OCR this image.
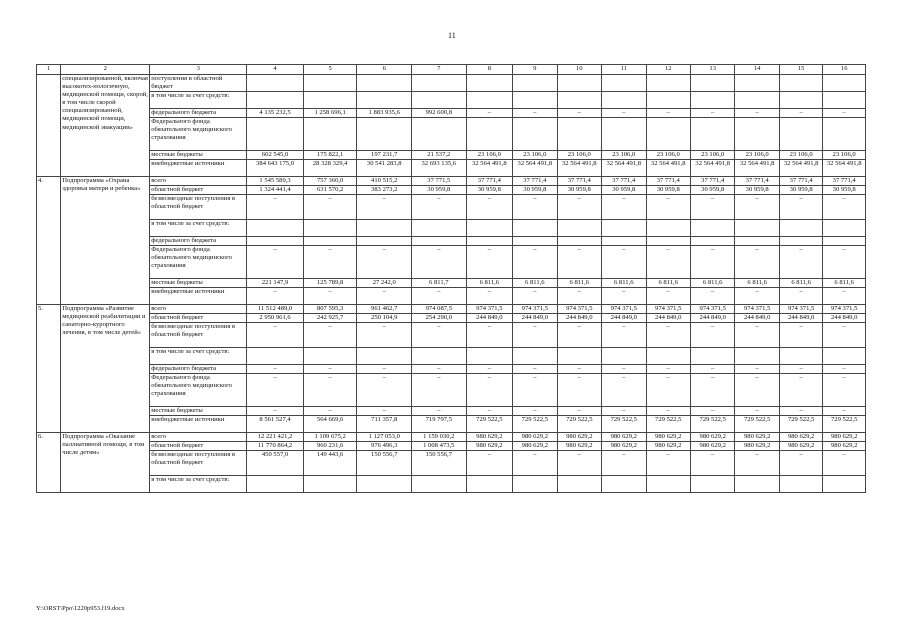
11
1	2	3	4	5	6	7	8	9	10	11	12	13	14	15	16
	специализированной, включая высокотех-нологичную, медицинской помощи, скорой, в том числе скорой специализированной, медицинской помощи, медицинской эвакуации»	поступления в областной бюджет													
		в том числе за счет средств:													
		федерального бюджета	4 135 232,5	1 258 696,1	1 883 935,6	992 600,8	–	–	–	–	–	–	–	–	–
		Федерального фонда обязательного медицинского страхования													
		местные бюджеты	602 545,0	175 822,1	197 231,7	21 537,2	23 106,0	23 106,0	23 106,0	23 106,0	23 106,0	23 106,0	23 106,0	23 106,0	23 106,0
		внебюджетные источники	384 643 175,0	28 328 329,4	30 541 283,8	32 693 135,6	32 564 491,8	32 564 491,8	32 564 491,8	32 564 491,8	32 564 491,8	32 564 491,8	32 564 491,8	32 564 491,8	32 564 491,8
4.	Подпрограмма «Охрана здоровья матери и ребенка»	всего	1 545 589,3	757 360,0	410 515,2	37 771,5	37 771,4	37 771,4	37 771,4	37 771,4	37 771,4	37 771,4	37 771,4	37 771,4	37 771,4
		областной бюджет	1 324 441,4	631 570,2	383 273,2	30 959,8	30 959,8	30 959,8	30 959,8	30 959,8	30 959,8	30 959,8	30 959,8	30 959,8	30 959,8
		безвозмездные поступления в областной бюджет	–	–	–	–	–	–	–	–	–	–	–	–	–
		в том числе за счет средств:													
		федерального бюджета													
		Федерального фонда обязательного медицинского страхования	–	–	–	–	–	–	–	–	–	–	–	–	–
		местные бюджеты	221 147,9	125 789,8	27 242,0	6 811,7	6 811,6	6 811,6	6 811,6	6 811,6	6 811,6	6 811,6	6 811,6	6 811,6	6 811,6
		внебюджетные источники	–	–	–	–	–	–	–	–	–	–	–	–	–
5.	Подпрограмма «Развитие медицинской реабилитации и санаторно-курортного лечения, в том числе детей»	всего	11 512 489,0	807 595,3	961 462,7	974 087,5	974 371,5	974 371,5	974 371,5	974 371,5	974 371,5	974 371,5	974 371,5	974 371,5	974 371,5
		областной бюджет	2 950 961,6	242 925,7	250 104,9	254 290,0	244 849,0	244 849,0	244 849,0	244 849,0	244 849,0	244 849,0	244 849,0	244 849,0	244 849,0
		безвозмездные поступления в областной бюджет	–	–	–	–	–	–	–	–	–	–	–	–	–
		в том числе за счет средств:													
		федерального бюджета	–	–	–	–	–	–	–	–	–	–	–	–	–
		Федерального фонда обязательного медицинского страхования	–	–	–	–	–	–	–	–	–	–	–	–	–
		местные бюджеты	–	–	–	–	–	–	–	–	–	–	–	–	–
		внебюджетные источники	8 561 527,4	564 669,6	711 357,8	719 797,5	729 522,5	729 522,5	729 522,5	729 522,5	729 522,5	729 522,5	729 522,5	729 522,5	729 522,5
6.	Подпрограмма «Оказание паллиативной помощи, в том числе детям»	всего	12 221 421,2	1 109 675,2	1 127 053,0	1 159 030,2	980 629,2	980 629,2	980 629,2	980 629,2	980 629,2	980 629,2	980 629,2	980 629,2	980 629,2
		областной бюджет	11 770 864,2	960 231,6	976 496,3	1 008 473,5	980 629,2	980 629,2	980 629,2	980 629,2	980 629,2	980 629,2	980 629,2	980 629,2	980 629,2
		безвозмездные поступления в областной бюджет	450 557,0	149 443,6	150 556,7	150 556,7	–	–	–	–	–	–	–	–	–
		в том числе за счет средств:													
Y:\ORST\Ppo\1220p953.f19.docx
